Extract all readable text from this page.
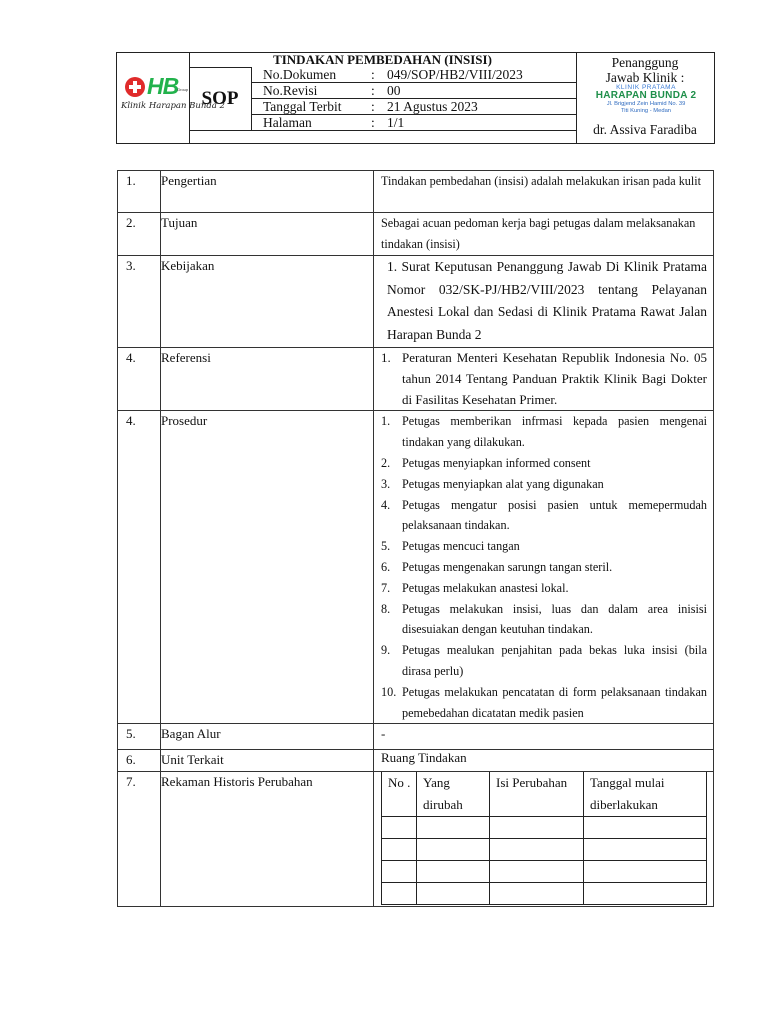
HB
Group
Klinik Harapan Bunda 2
TINDAKAN PEMBEDAHAN (INSISI)
SOP
No.Dokumen	: 049/SOP/HB2/VIII/2023
No.Revisi	: 00
Tanggal Terbit	: 21 Agustus 2023
Halaman	: 1/1
Penanggung
Jawab Klinik :
KLINIK PRATAMA
HARAPAN BUNDA 2
Jl. Brigjend Zein Hamid No. 39
Titi Kuning - Medan
dr. Assiva Faradiba
1.	Pengertian	Tindakan pembedahan (insisi) adalah melakukan irisan pada kulit

2.	Tujuan	Sebagai acuan pedoman kerja bagi petugas dalam melaksanakan tindakan (insisi)

3.	Kebijakan	1. Surat Keputusan Penanggung Jawab Di Klinik Pratama Nomor 032/SK-PJ/HB2/VIII/2023 tentang Pelayanan Anestesi Lokal dan Sedasi di Klinik Pratama Rawat Jalan Harapan Bunda 2

4.	Referensi	1. Peraturan Menteri Kesehatan Republik Indonesia No. 05 tahun 2014 Tentang Panduan Praktik Klinik Bagi Dokter di Fasilitas Kesehatan Primer.

4.	Prosedur	1. Petugas memberikan infrmasi kepada pasien mengenai tindakan yang dilakukan.
2. Petugas menyiapkan informed consent
3. Petugas menyiapkan alat yang digunakan
4. Petugas mengatur posisi pasien untuk memepermudah pelaksanaan tindakan.
5. Petugas mencuci tangan
6. Petugas mengenakan sarungn tangan steril.
7. Petugas melakukan anastesi lokal.
8. Petugas melakukan insisi, luas dan dalam area inisisi disesuiakan dengan keutuhan tindakan.
9. Petugas mealukan penjahitan pada bekas luka insisi (bila dirasa perlu)
10. Petugas melakukan pencatatan di form pelaksanaan tindakan pemebedahan dicatatan medik pasien

5.	Bagan Alur	-
6.	Unit Terkait	Ruang Tindakan
7.	Rekaman Historis Perubahan		No .	Yang dirubah	Isi Perubahan	Tanggal mulai diberlakukan
